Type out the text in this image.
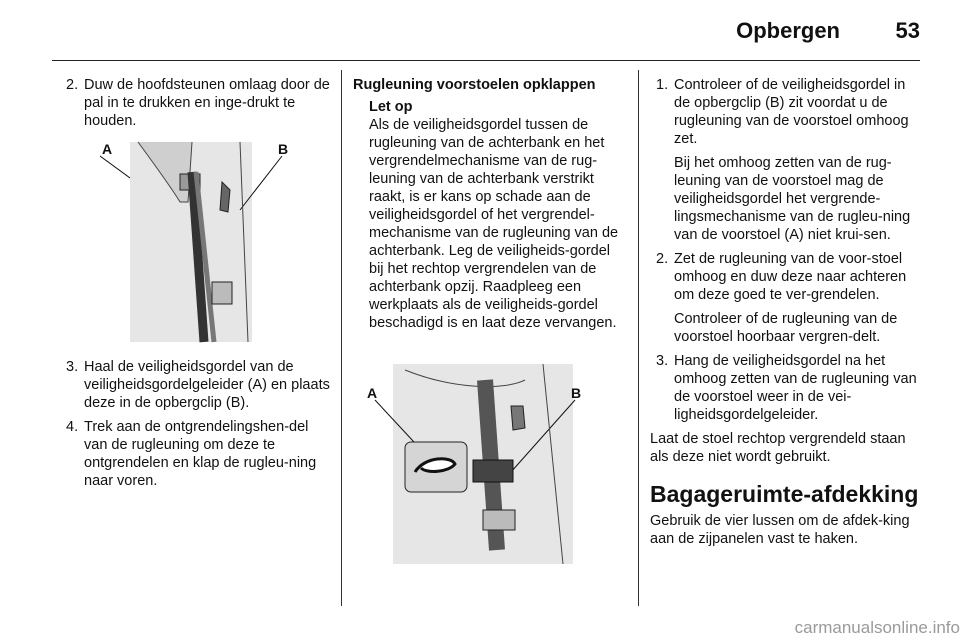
Opbergen	53
2. Duw de hoofdsteunen omlaag door de pal in te drukken en inge-drukt te houden.
A	B
3. Haal de veiligheidsgordel van de veiligheidsgordelgeleider (A) en plaats deze in de opbergclip (B).
4. Trek aan de ontgrendelingshen-del van de rugleuning om deze te ontgrendelen en klap de rugleu-ning naar voren.
Rugleuning voorstoelen opklappen
Let op
Als de veiligheidsgordel tussen de rugleuning van de achterbank en het vergrendelmechanisme van de rug-leuning van de achterbank verstrikt raakt, is er kans op schade aan de veiligheidsgordel of het vergrendel-mechanisme van de rugleuning van de achterbank. Leg de veiligheids-gordel bij het rechtop vergrendelen van de achterbank opzij. Raadpleeg een werkplaats als de veiligheids-gordel beschadigd is en laat deze vervangen.
A	B
1. Controleer of de veiligheidsgordel in de opbergclip (B) zit voordat u de rugleuning van de voorstoel omhoog zet.
Bij het omhoog zetten van de rug-leuning van de voorstoel mag de veiligheidsgordel het vergrende-lingsmechanisme van de rugleu-ning van de voorstoel (A) niet krui-sen.
2. Zet de rugleuning van de voor-stoel omhoog en duw deze naar achteren om deze goed te ver-grendelen.
Controleer of de rugleuning van de voorstoel hoorbaar vergren-delt.
3. Hang de veiligheidsgordel na het omhoog zetten van de rugleuning van de voorstoel weer in de vei-ligheidsgordelgeleider.
Laat de stoel rechtop vergrendeld staan als deze niet wordt gebruikt.
Bagageruimte-afdekking
Gebruik de vier lussen om de afdek-king aan de zijpanelen vast te haken.
carmanualsonline.info
